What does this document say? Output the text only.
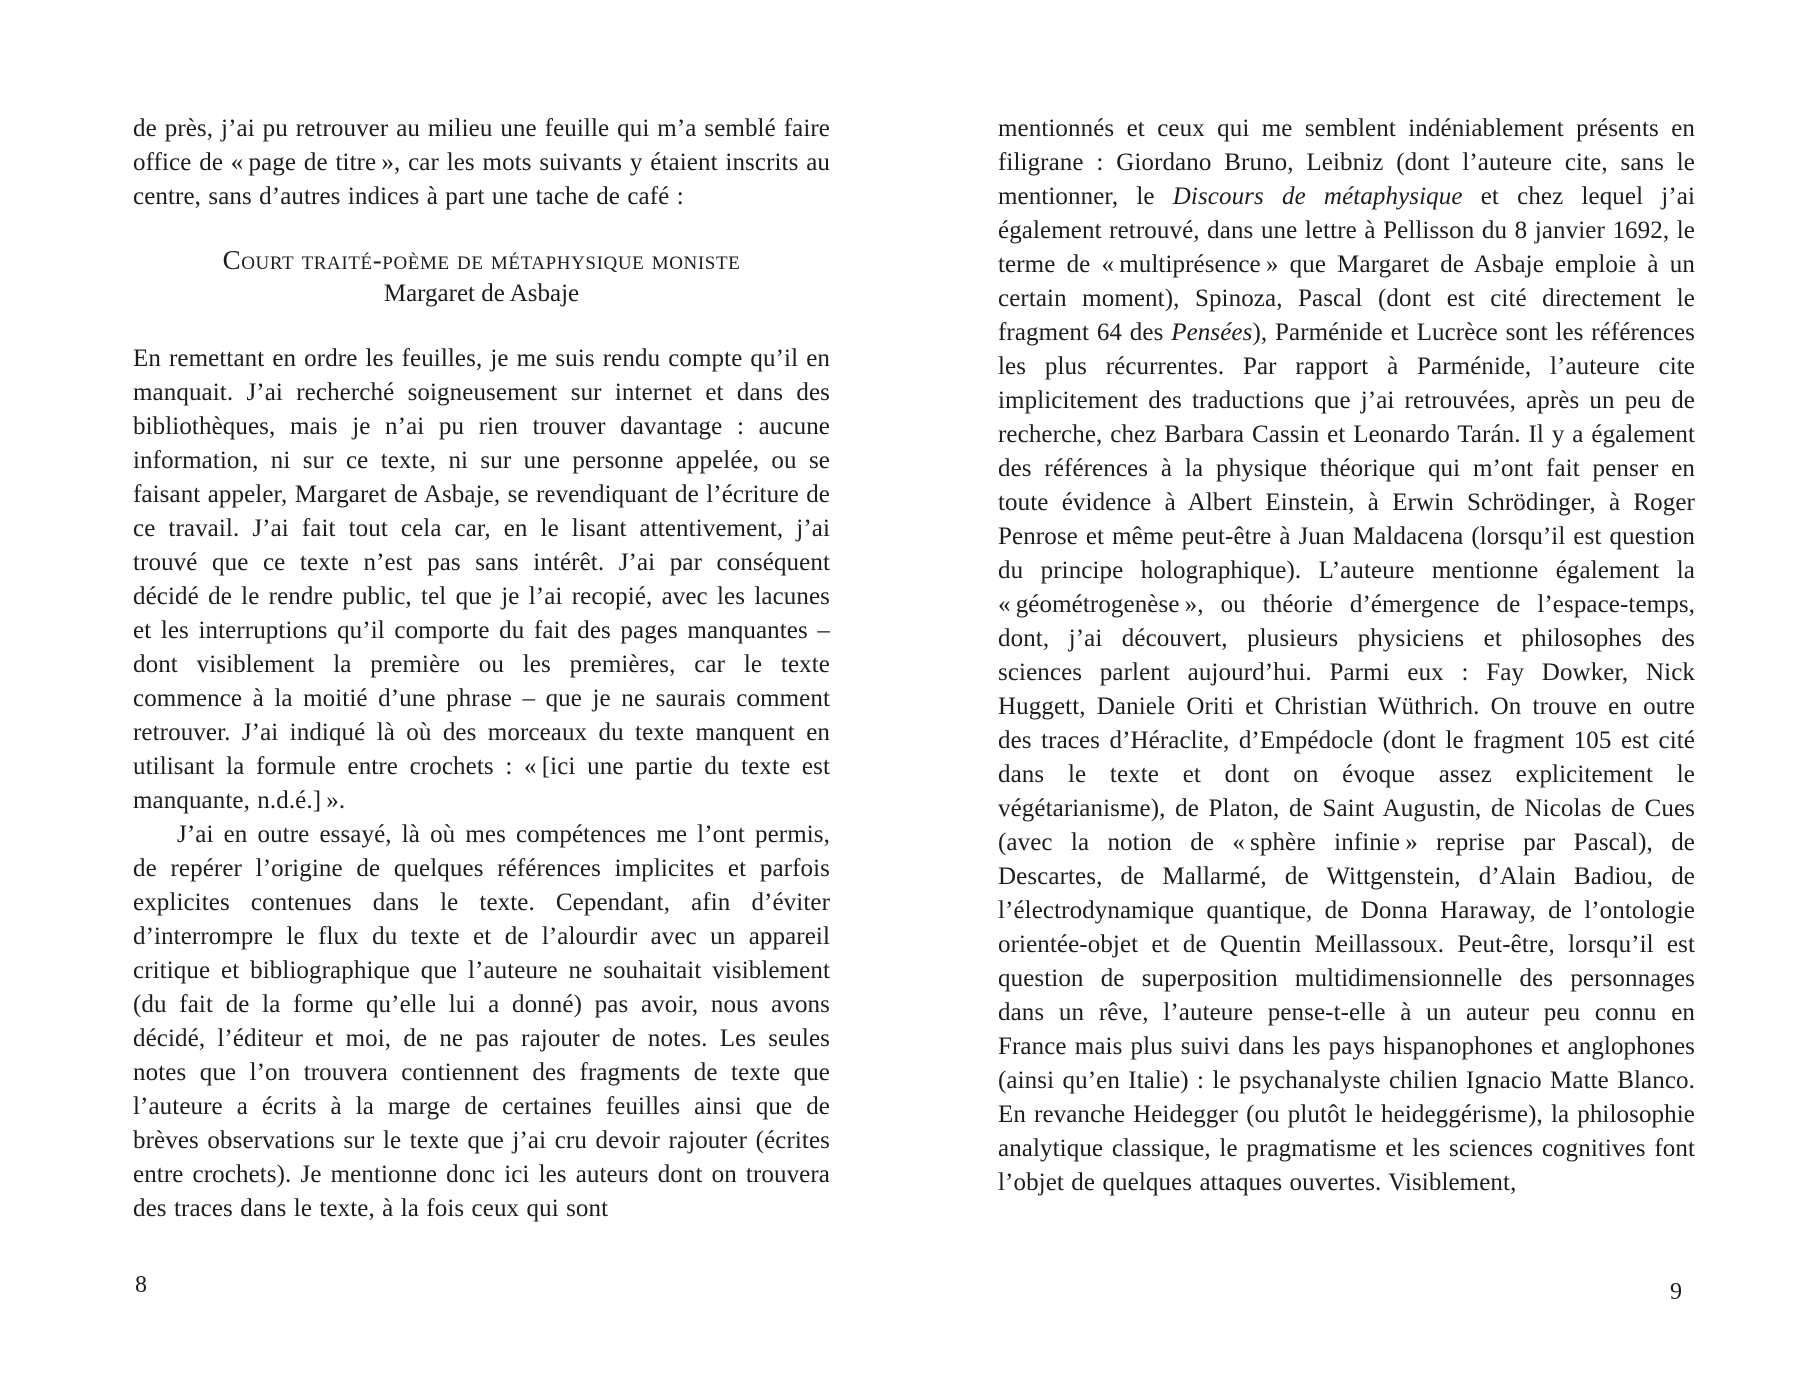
de près, j’ai pu retrouver au milieu une feuille qui m’a semblé faire office de « page de titre », car les mots suivants y étaient inscrits au centre, sans d’autres indices à part une tache de café :

Court traité-poème de métaphysique moniste
Margaret de Asbaje

En remettant en ordre les feuilles, je me suis rendu compte qu’il en manquait. J’ai recherché soigneusement sur internet et dans des bibliothèques, mais je n’ai pu rien trouver davantage : aucune information, ni sur ce texte, ni sur une personne appelée, ou se faisant appeler, Margaret de Asbaje, se revendiquant de l’écriture de ce travail. J’ai fait tout cela car, en le lisant attentivement, j’ai trouvé que ce texte n’est pas sans intérêt. J’ai par conséquent décidé de le rendre public, tel que je l’ai recopié, avec les lacunes et les interruptions qu’il comporte du fait des pages manquantes – dont visiblement la première ou les premières, car le texte commence à la moitié d’une phrase – que je ne saurais comment retrouver. J’ai indiqué là où des morceaux du texte manquent en utilisant la formule entre crochets : « [ici une partie du texte est manquante, n.d.é.] ».

J’ai en outre essayé, là où mes compétences me l’ont permis, de repérer l’origine de quelques références implicites et parfois explicites contenues dans le texte. Cependant, afin d’éviter d’interrompre le flux du texte et de l’alourdir avec un appareil critique et bibliographique que l’auteure ne souhaitait visiblement (du fait de la forme qu’elle lui a donné) pas avoir, nous avons décidé, l’éditeur et moi, de ne pas rajouter de notes. Les seules notes que l’on trouvera contiennent des fragments de texte que l’auteure a écrits à la marge de certaines feuilles ainsi que de brèves observations sur le texte que j’ai cru devoir rajouter (écrites entre crochets). Je mentionne donc ici les auteurs dont on trouvera des traces dans le texte, à la fois ceux qui sont

8

mentionnés et ceux qui me semblent indéniablement présents en filigrane : Giordano Bruno, Leibniz (dont l’auteure cite, sans le mentionner, le Discours de métaphysique et chez lequel j’ai également retrouvé, dans une lettre à Pellisson du 8 janvier 1692, le terme de « multiprésence » que Margaret de Asbaje emploie à un certain moment), Spinoza, Pascal (dont est cité directement le fragment 64 des Pensées), Parménide et Lucrèce sont les références les plus récurrentes. Par rapport à Parménide, l’auteure cite implicitement des traductions que j’ai retrouvées, après un peu de recherche, chez Barbara Cassin et Leonardo Tarán. Il y a également des références à la physique théorique qui m’ont fait penser en toute évidence à Albert Einstein, à Erwin Schrödinger, à Roger Penrose et même peut-être à Juan Maldacena (lorsqu’il est question du principe holographique). L’auteure mentionne également la « géométrogenèse », ou théorie d’émergence de l’espace-temps, dont, j’ai découvert, plusieurs physiciens et philosophes des sciences parlent aujourd’hui. Parmi eux : Fay Dowker, Nick Huggett, Daniele Oriti et Christian Wüthrich. On trouve en outre des traces d’Héraclite, d’Empédocle (dont le fragment 105 est cité dans le texte et dont on évoque assez explicitement le végétarianisme), de Platon, de Saint Augustin, de Nicolas de Cues (avec la notion de « sphère infinie » reprise par Pascal), de Descartes, de Mallarmé, de Wittgenstein, d’Alain Badiou, de l’électrodynamique quantique, de Donna Haraway, de l’ontologie orientée-objet et de Quentin Meillassoux. Peut-être, lorsqu’il est question de superposition multidimensionnelle des personnages dans un rêve, l’auteure pense-t-elle à un auteur peu connu en France mais plus suivi dans les pays hispanophones et anglophones (ainsi qu’en Italie) : le psychanalyste chilien Ignacio Matte Blanco. En revanche Heidegger (ou plutôt le heideggérisme), la philosophie analytique classique, le pragmatisme et les sciences cognitives font l’objet de quelques attaques ouvertes. Visiblement,

9
